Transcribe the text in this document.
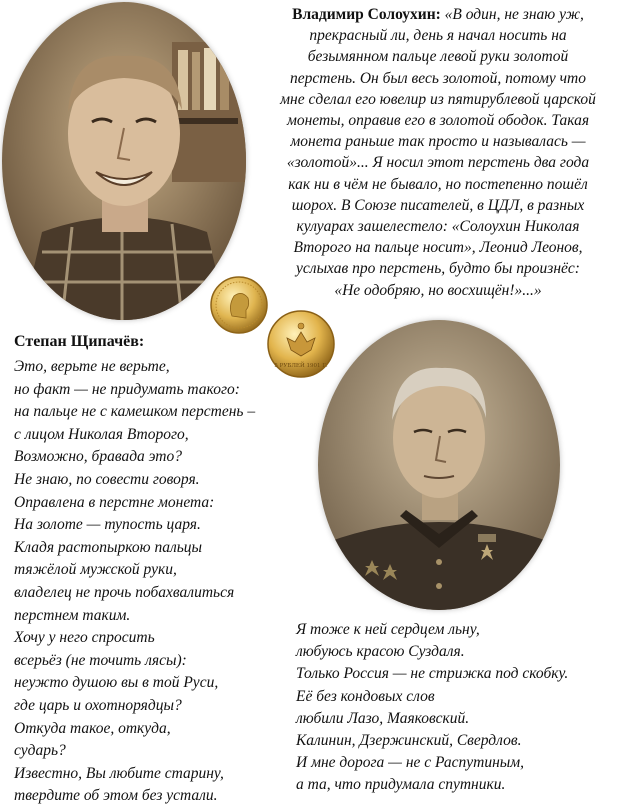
Владимир Солоухин: «В один, не знаю уж,
прекрасный ли, день я начал носить на
безымянном пальце левой руки золотой
перстень. Он был весь золотой, потому что
мне сделал его ювелир из пятирублевой царской
монеты, оправив его в золотой ободок. Такая
монета раньше так просто и называлась —
«золотой»... Я носил этот перстень два года
как ни в чём не бывало, но постепенно пошёл
шорох. В Союзе писателей, в ЦДЛ, в разных
кулуарах зашелестело: «Солоухин Николая
Второго на пальце носит», Леонид Леонов,
услыхав про перстень, будто бы произнёс:
«Не одобряю, но восхищён!»...»
5 РУБЛЕЙ 1901 Г.
Степан Щипачёв:
Это, верьте не верьте,
но факт — не придумать такого:
на пальце не с камешком перстень –
с лицом Николая Второго,
Возможно, бравада это?
Не знаю, по совести говоря.
Оправлена в перстне монета:
На золоте — тупость царя.
Кладя растопыркою пальцы
тяжёлой мужской руки,
владелец не прочь побахвалиться
перстнем таким.
Хочу у него спросить
всерьёз (не точить лясы):
неужто душою вы в той Руси,
где царь и охотнорядцы?
Откуда такое, откуда,
сударь?
Известно, Вы любите старину,
твердите об этом без устали.
Я тоже к ней сердцем льну,
любуюсь красою Суздаля.
Только Россия — не стрижка под скобку.
Её без кондовых слов
любили Лазо, Маяковский.
Калинин, Дзержинский, Свердлов.
И мне дорога — не с Распутиным,
а та, что придумала спутники.
